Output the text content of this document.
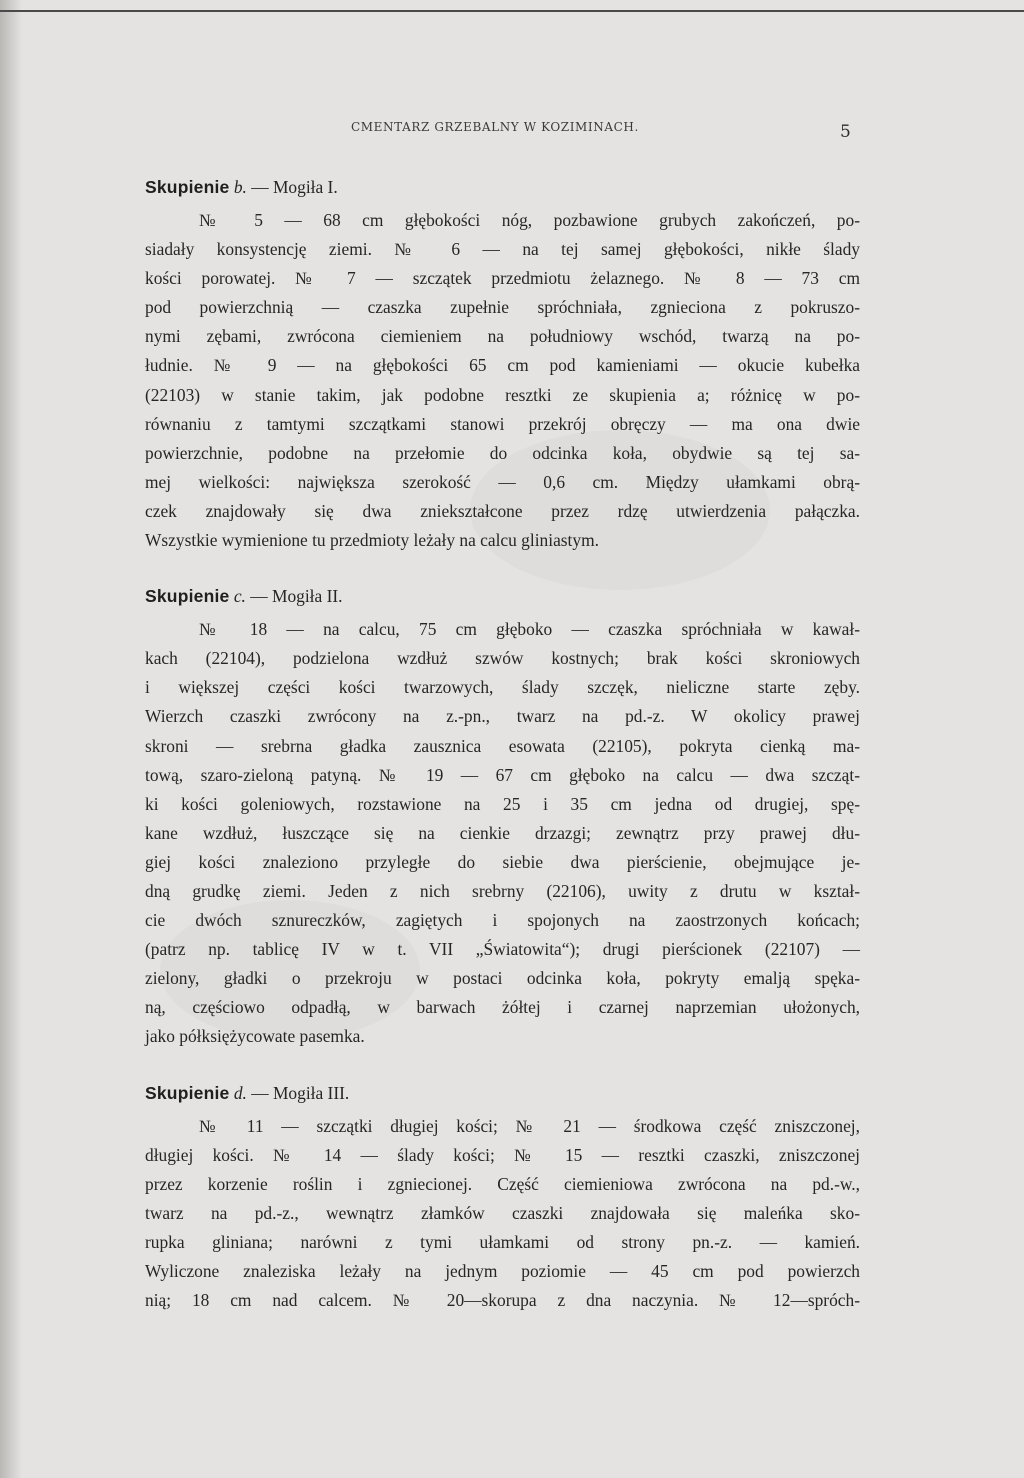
CMENTARZ GRZEBALNY W KOZIMINACH.	5
Skupienie b. — Mogiła I.
№ 5 — 68 cm głębokości nóg, pozbawione grubych zakończeń, po-
siadały konsystencję ziemi. № 6 — na tej samej głębokości, nikłe ślady
kości porowatej. № 7 — szczątek przedmiotu żelaznego. № 8 — 73 cm
pod powierzchnią — czaszka zupełnie spróchniała, zgnieciona z pokruszo-
nymi zębami, zwrócona ciemieniem na południowy wschód, twarzą na po-
łudnie. № 9 — na głębokości 65 cm pod kamieniami — okucie kubełka
(22103) w stanie takim, jak podobne resztki ze skupienia a; różnicę w po-
równaniu z tamtymi szczątkami stanowi przekrój obręczy — ma ona dwie
powierzchnie, podobne na przełomie do odcinka koła, obydwie są tej sa-
mej wielkości: największa szerokość — 0,6 cm. Między ułamkami obrą-
czek znajdowały się dwa zniekształcone przez rdzę utwierdzenia pałączka.
Wszystkie wymienione tu przedmioty leżały na calcu gliniastym.
Skupienie c. — Mogiła II.
№ 18 — na calcu, 75 cm głęboko — czaszka spróchniała w kawał-
kach (22104), podzielona wzdłuż szwów kostnych; brak kości skroniowych
i większej części kości twarzowych, ślady szczęk, nieliczne starte zęby.
Wierzch czaszki zwrócony na z.-pn., twarz na pd.-z. W okolicy prawej
skroni — srebrna gładka zausznica esowata (22105), pokryta cienką ma-
tową, szaro-zieloną patyną. № 19 — 67 cm głęboko na calcu — dwa szcząt-
ki kości goleniowych, rozstawione na 25 i 35 cm jedna od drugiej, spę-
kane wzdłuż, łuszczące się na cienkie drzazgi; zewnątrz przy prawej dłu-
giej kości znaleziono przyległe do siebie dwa pierścienie, obejmujące je-
dną grudkę ziemi. Jeden z nich srebrny (22106), uwity z drutu w kształ-
cie dwóch sznureczków, zagiętych i spojonych na zaostrzonych końcach;
(patrz np. tablicę IV w t. VII „Światowita“); drugi pierścionek (22107) —
zielony, gładki o przekroju w postaci odcinka koła, pokryty emalją spęka-
ną, częściowo odpadłą, w barwach żółtej i czarnej naprzemian ułożonych,
jako półksiężycowate pasemka.
Skupienie d. — Mogiła III.
№ 11 — szczątki długiej kości; № 21 — środkowa część zniszczonej,
długiej kości. № 14 — ślady kości; № 15 — resztki czaszki, zniszczonej
przez korzenie roślin i zgniecionej. Część ciemieniowa zwrócona na pd.-w.,
twarz na pd.-z., wewnątrz złamków czaszki znajdowała się maleńka sko-
rupka gliniana; narówni z tymi ułamkami od strony pn.-z. — kamień.
Wyliczone znaleziska leżały na jednym poziomie — 45 cm pod powierzch
nią; 18 cm nad calcem. № 20—skorupa z dna naczynia. № 12—spróch-
